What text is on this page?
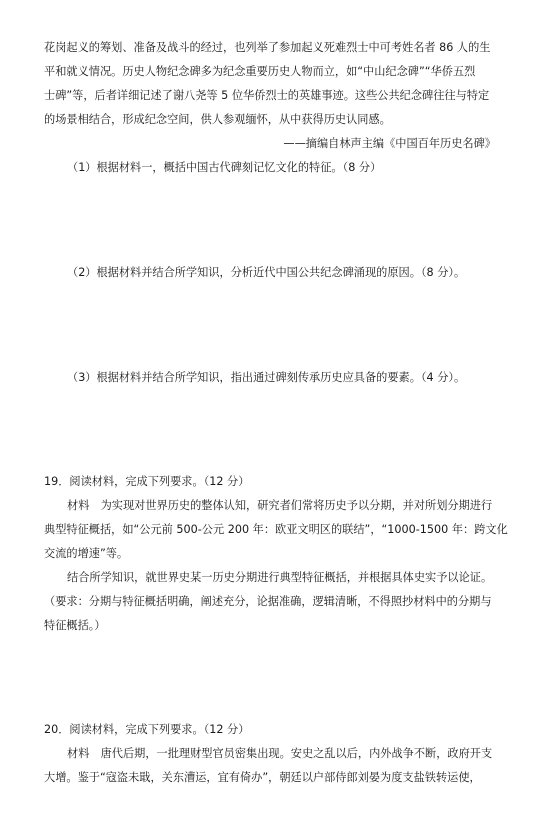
花岗起义的筹划、准备及战斗的经过，也列举了参加起义死难烈士中可考姓名者 86 人的生
平和就义情况。历史人物纪念碑多为纪念重要历史人物而立，如“中山纪念碑”“华侨五烈
士碑”等，后者详细记述了谢八尧等 5 位华侨烈士的英雄事迹。这些公共纪念碑往往与特定
的场景相结合，形成纪念空间，供人参观缅怀，从中获得历史认同感。
——摘编自林声主编《中国百年历史名碑》
（1）根据材料一，概括中国古代碑刻记忆文化的特征。（8 分）
（2）根据材料并结合所学知识，分析近代中国公共纪念碑涌现的原因。（8 分）。
（3）根据材料并结合所学知识，指出通过碑刻传承历史应具备的要素。（4 分）。
19．阅读材料，完成下列要求。（12 分）
材料　为实现对世界历史的整体认知，研究者们常将历史予以分期，并对所划分期进行
典型特征概括，如“公元前 500-公元 200 年：欧亚文明区的联结”，“1000-1500 年：跨文化
交流的增速”等。
结合所学知识，就世界史某一历史分期进行典型特征概括，并根据具体史实予以论证。
（要求：分期与特征概括明确，阐述充分，论据准确，逻辑清晰，不得照抄材料中的分期与
特征概括。）
20．阅读材料，完成下列要求。（12 分）
材料　唐代后期，一批理财型官员密集出现。安史之乱以后，内外战争不断，政府开支
大增。鉴于“寇盗未戢，关东漕运，宜有倚办”，朝廷以户部侍郎刘晏为度支盐铁转运使，
